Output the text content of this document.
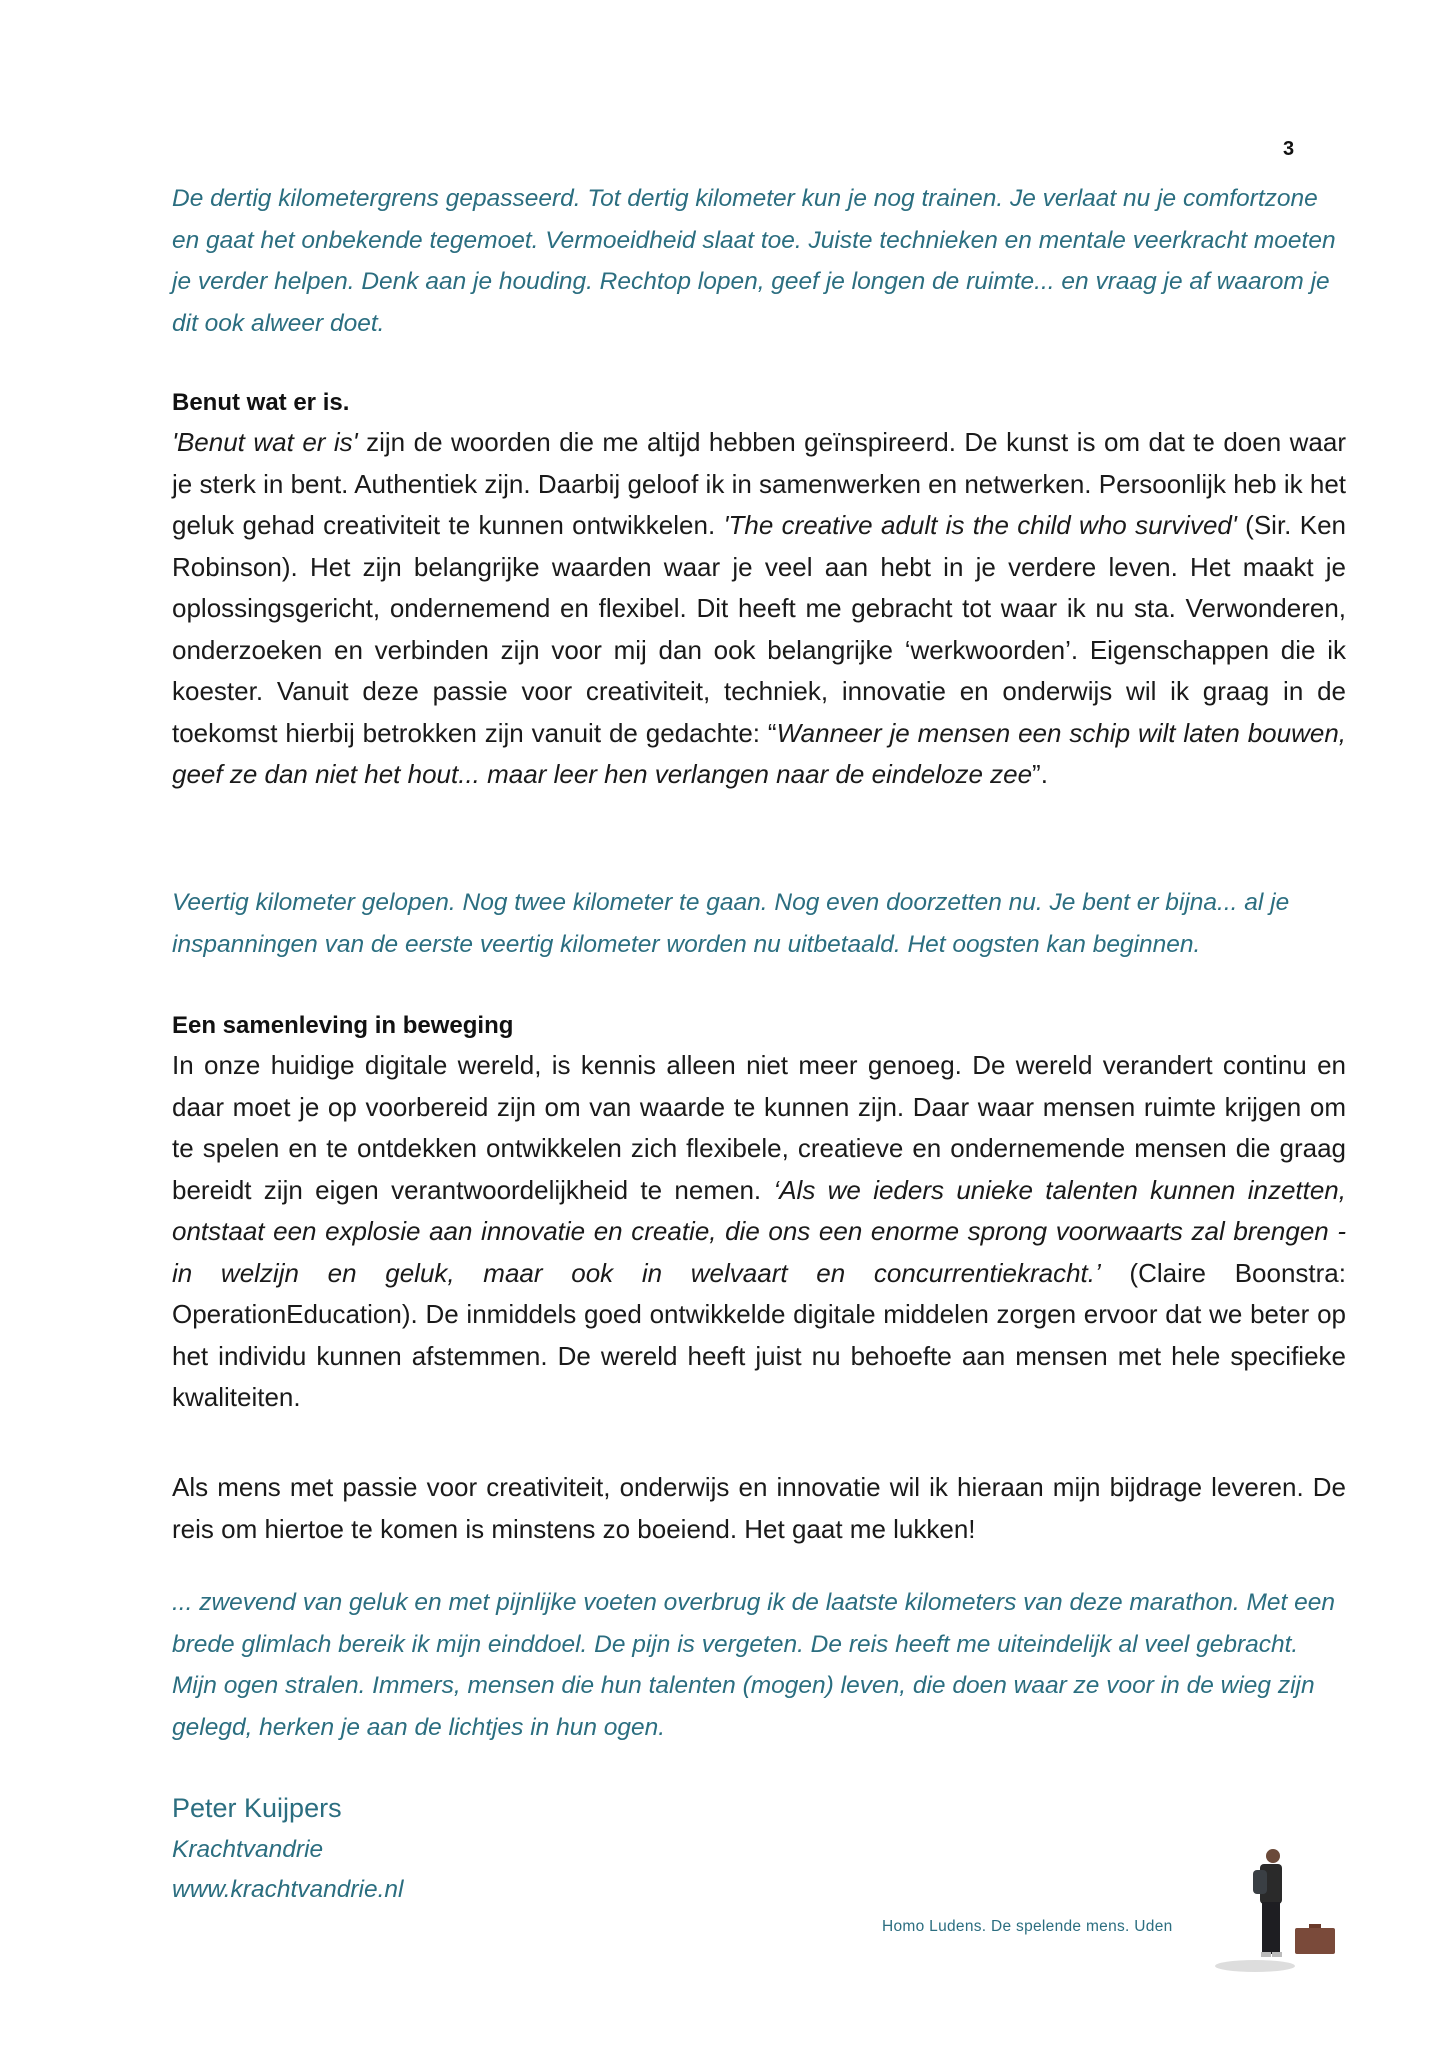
3
De dertig kilometergrens gepasseerd. Tot dertig kilometer kun je nog trainen. Je verlaat nu je comfortzone en gaat het onbekende tegemoet. Vermoeidheid slaat toe. Juiste technieken en mentale veerkracht moeten je verder helpen. Denk aan je houding. Rechtop lopen, geef je longen de ruimte... en vraag je af waarom je dit ook alweer doet.
Benut wat er is.
'Benut wat er is' zijn de woorden die me altijd hebben geïnspireerd. De kunst is om dat te doen waar je sterk in bent. Authentiek zijn. Daarbij geloof ik in samenwerken en netwerken. Persoonlijk heb ik het geluk gehad creativiteit te kunnen ontwikkelen. 'The creative adult is the child who survived' (Sir. Ken Robinson). Het zijn belangrijke waarden waar je veel aan hebt in je verdere leven. Het maakt je oplossingsgericht, ondernemend en flexibel. Dit heeft me gebracht tot waar ik nu sta. Verwonderen, onderzoeken en verbinden zijn voor mij dan ook belangrijke ‘werkwoorden’. Eigenschappen die ik koester. Vanuit deze passie voor creativiteit, techniek, innovatie en onderwijs wil ik graag in de toekomst hierbij betrokken zijn vanuit de gedachte: “Wanneer je mensen een schip wilt laten bouwen, geef ze dan niet het hout... maar leer hen verlangen naar de eindeloze zee”.
Veertig kilometer gelopen. Nog twee kilometer te gaan. Nog even doorzetten nu. Je bent er bijna... al je inspanningen van de eerste veertig kilometer worden nu uitbetaald. Het oogsten kan beginnen.
Een samenleving in beweging
In onze huidige digitale wereld, is kennis alleen niet meer genoeg. De wereld verandert continu en daar moet je op voorbereid zijn om van waarde te kunnen zijn. Daar waar mensen ruimte krijgen om te spelen en te ontdekken ontwikkelen zich flexibele, creatieve en ondernemende mensen die graag bereidt zijn eigen verantwoordelijkheid te nemen. ‘Als we ieders unieke talenten kunnen inzetten, ontstaat een explosie aan innovatie en creatie, die ons een enorme sprong voorwaarts zal brengen - in welzijn en geluk, maar ook in welvaart en concurrentiekracht.’ (Claire Boonstra: OperationEducation). De inmiddels goed ontwikkelde digitale middelen zorgen ervoor dat we beter op het individu kunnen afstemmen. De wereld heeft juist nu behoefte aan mensen met hele specifieke kwaliteiten.
Als mens met passie voor creativiteit, onderwijs en innovatie wil ik hieraan mijn bijdrage leveren. De reis om hiertoe te komen is minstens zo boeiend. Het gaat me lukken!
... zwevend van geluk en met pijnlijke voeten overbrug ik de laatste kilometers van deze marathon. Met een brede glimlach bereik ik mijn einddoel. De pijn is vergeten. De reis heeft me uiteindelijk al veel gebracht. Mijn ogen stralen. Immers, mensen die hun talenten (mogen) leven, die doen waar ze voor in de wieg zijn gelegd, herken je aan de lichtjes in hun ogen.
Peter Kuijpers
Krachtvandrie
www.krachtvandrie.nl
Homo Ludens. De spelende mens. Uden
